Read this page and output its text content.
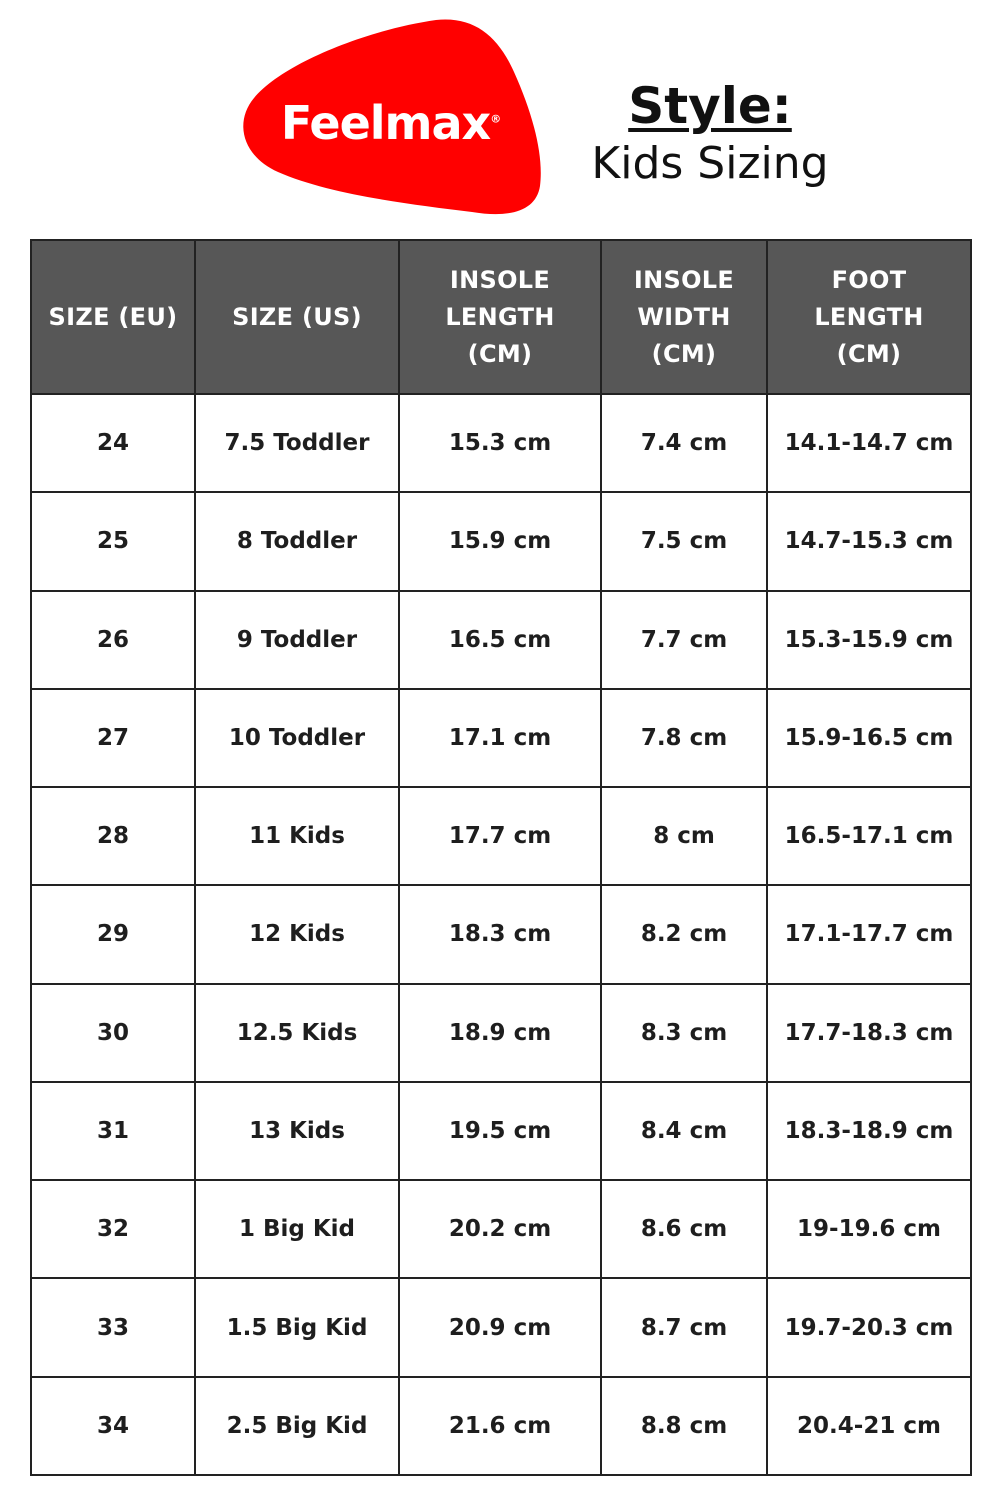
Feelmax®	Style:
Kids Sizing
SIZE (EU)	SIZE (US)	INSOLE
LENGTH
(CM)	INSOLE
WIDTH
(CM)	FOOT
LENGTH
(CM)
24	7.5 Toddler	15.3 cm	7.4 cm	14.1-14.7 cm
25	8 Toddler	15.9 cm	7.5 cm	14.7-15.3 cm
26	9 Toddler	16.5 cm	7.7 cm	15.3-15.9 cm
27	10 Toddler	17.1 cm	7.8 cm	15.9-16.5 cm
28	11 Kids	17.7 cm	8 cm	16.5-17.1 cm
29	12 Kids	18.3 cm	8.2 cm	17.1-17.7 cm
30	12.5 Kids	18.9 cm	8.3 cm	17.7-18.3 cm
31	13 Kids	19.5 cm	8.4 cm	18.3-18.9 cm
32	1 Big Kid	20.2 cm	8.6 cm	19-19.6 cm
33	1.5 Big Kid	20.9 cm	8.7 cm	19.7-20.3 cm
34	2.5 Big Kid	21.6 cm	8.8 cm	20.4-21 cm
